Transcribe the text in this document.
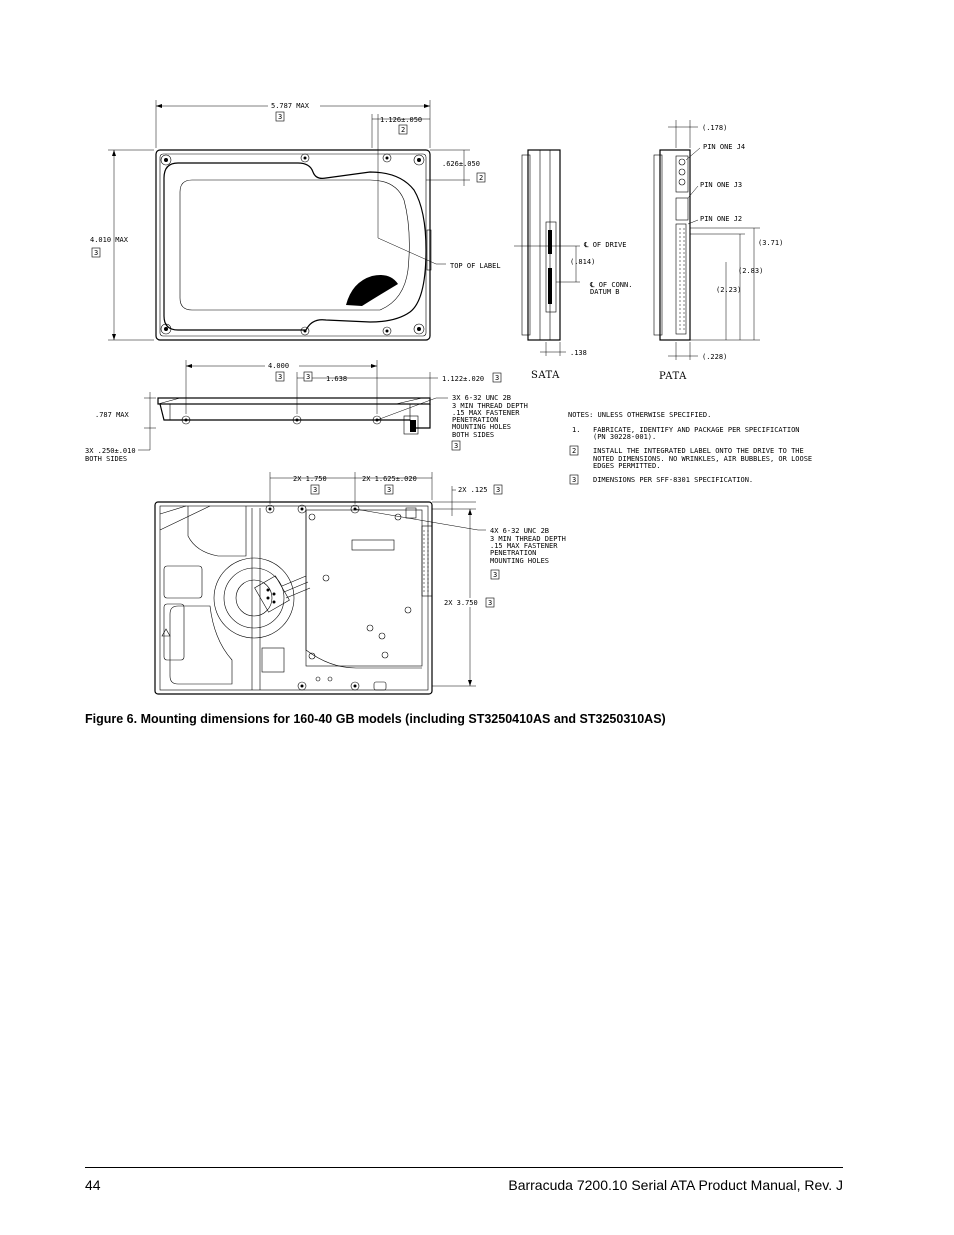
5.787 MAX
3	1.126±.050
2
.626±.050
2
4.010 MAX
3
TOP OF LABEL
4.000
3	1.638
3	1.122±.020 3
.787 MAX
3X .250±.010
BOTH SIDES
3X 6-32 UNC 2B
3 MIN THREAD DEPTH
.15 MAX FASTENER
PENETRATION
MOUNTING HOLES
BOTH SIDES
3
℄ OF DRIVE
(.814)
℄ OF CONN.
DATUM B
.138
SATA
(.178)
PIN ONE J4
PIN ONE J3
PIN ONE J2
(3.71)
(2.83)
(2.23)
(.228)
PATA
NOTES: UNLESS OTHERWISE SPECIFIED.
1. FABRICATE, IDENTIFY AND PACKAGE PER SPECIFICATION
(PN 30228-001).
2 INSTALL THE INTEGRATED LABEL ONTO THE DRIVE TO THE
NOTED DIMENSIONS. NO WRINKLES, AIR BUBBLES, OR LOOSE
EDGES PERMITTED.
3 DIMENSIONS PER SFF-8301 SPECIFICATION.
2X 1.750
3
2X 1.625±.020
3	2X .125 3
2X 3.750 3
4X 6-32 UNC 2B
3 MIN THREAD DEPTH
.15 MAX FASTENER
PENETRATION
MOUNTING HOLES
3
Figure 6. Mounting dimensions for 160-40 GB models (including ST3250410AS and ST3250310AS)
44	Barracuda 7200.10 Serial ATA Product Manual, Rev. J
